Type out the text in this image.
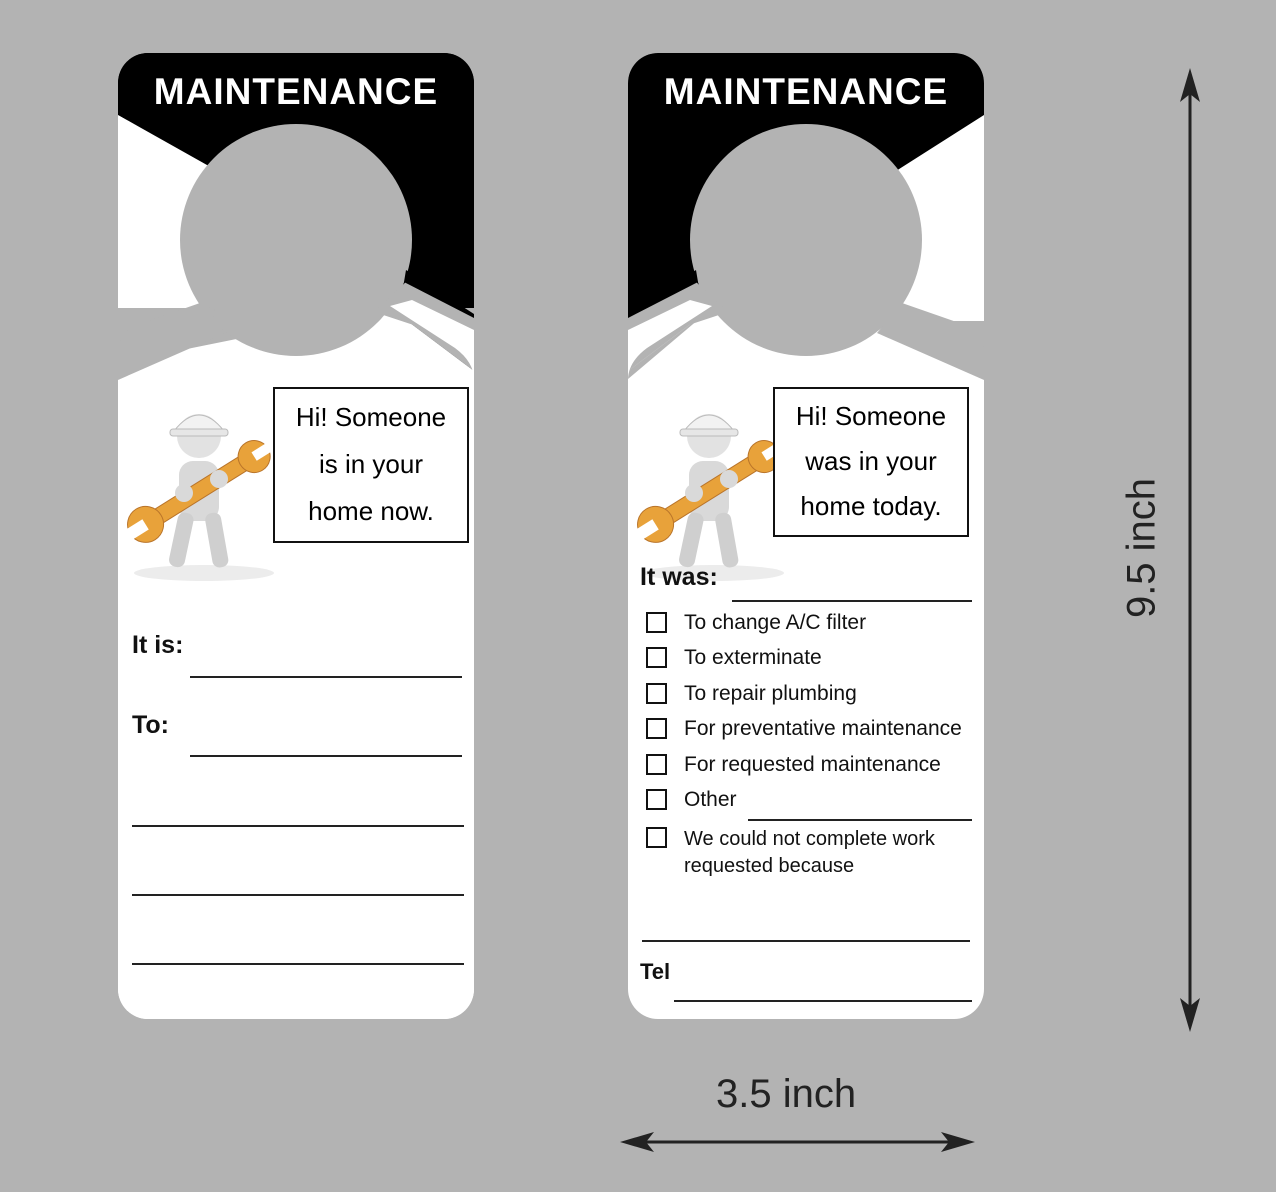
MAINTENANCE
Hi! Someone
is in your
home now.
It is:
To:
MAINTENANCE
Hi! Someone
was in your
home today.
It was:
To change A/C filter
To exterminate
To repair plumbing
For preventative maintenance
For requested maintenance
Other
We could not complete work
requested because
Tel
9.5 inch
3.5 inch
